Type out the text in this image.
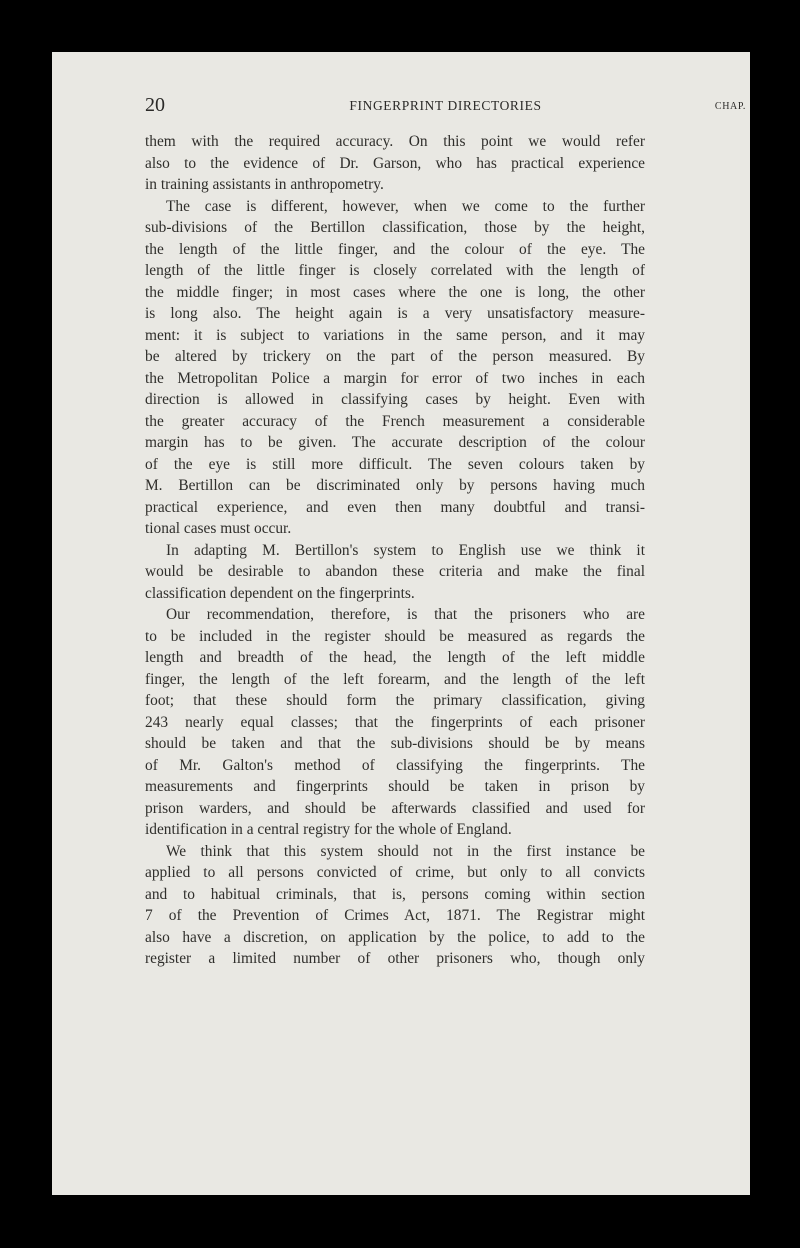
20	FINGERPRINT DIRECTORIES	CHAP.
them with the required accuracy. On this point we would refer
also to the evidence of Dr. Garson, who has practical experience
in training assistants in anthropometry.
The case is different, however, when we come to the further
sub-divisions of the Bertillon classification, those by the height,
the length of the little finger, and the colour of the eye. The
length of the little finger is closely correlated with the length of
the middle finger; in most cases where the one is long, the other
is long also. The height again is a very unsatisfactory measure-
ment: it is subject to variations in the same person, and it may
be altered by trickery on the part of the person measured. By
the Metropolitan Police a margin for error of two inches in each
direction is allowed in classifying cases by height. Even with
the greater accuracy of the French measurement a considerable
margin has to be given. The accurate description of the colour
of the eye is still more difficult. The seven colours taken by
M. Bertillon can be discriminated only by persons having much
practical experience, and even then many doubtful and transi-
tional cases must occur.
In adapting M. Bertillon's system to English use we think it
would be desirable to abandon these criteria and make the final
classification dependent on the fingerprints.
Our recommendation, therefore, is that the prisoners who are
to be included in the register should be measured as regards the
length and breadth of the head, the length of the left middle
finger, the length of the left forearm, and the length of the left
foot; that these should form the primary classification, giving
243 nearly equal classes; that the fingerprints of each prisoner
should be taken and that the sub-divisions should be by means
of Mr. Galton's method of classifying the fingerprints. The
measurements and fingerprints should be taken in prison by
prison warders, and should be afterwards classified and used for
identification in a central registry for the whole of England.
We think that this system should not in the first instance be
applied to all persons convicted of crime, but only to all convicts
and to habitual criminals, that is, persons coming within section
7 of the Prevention of Crimes Act, 1871. The Registrar might
also have a discretion, on application by the police, to add to the
register a limited number of other prisoners who, though only
